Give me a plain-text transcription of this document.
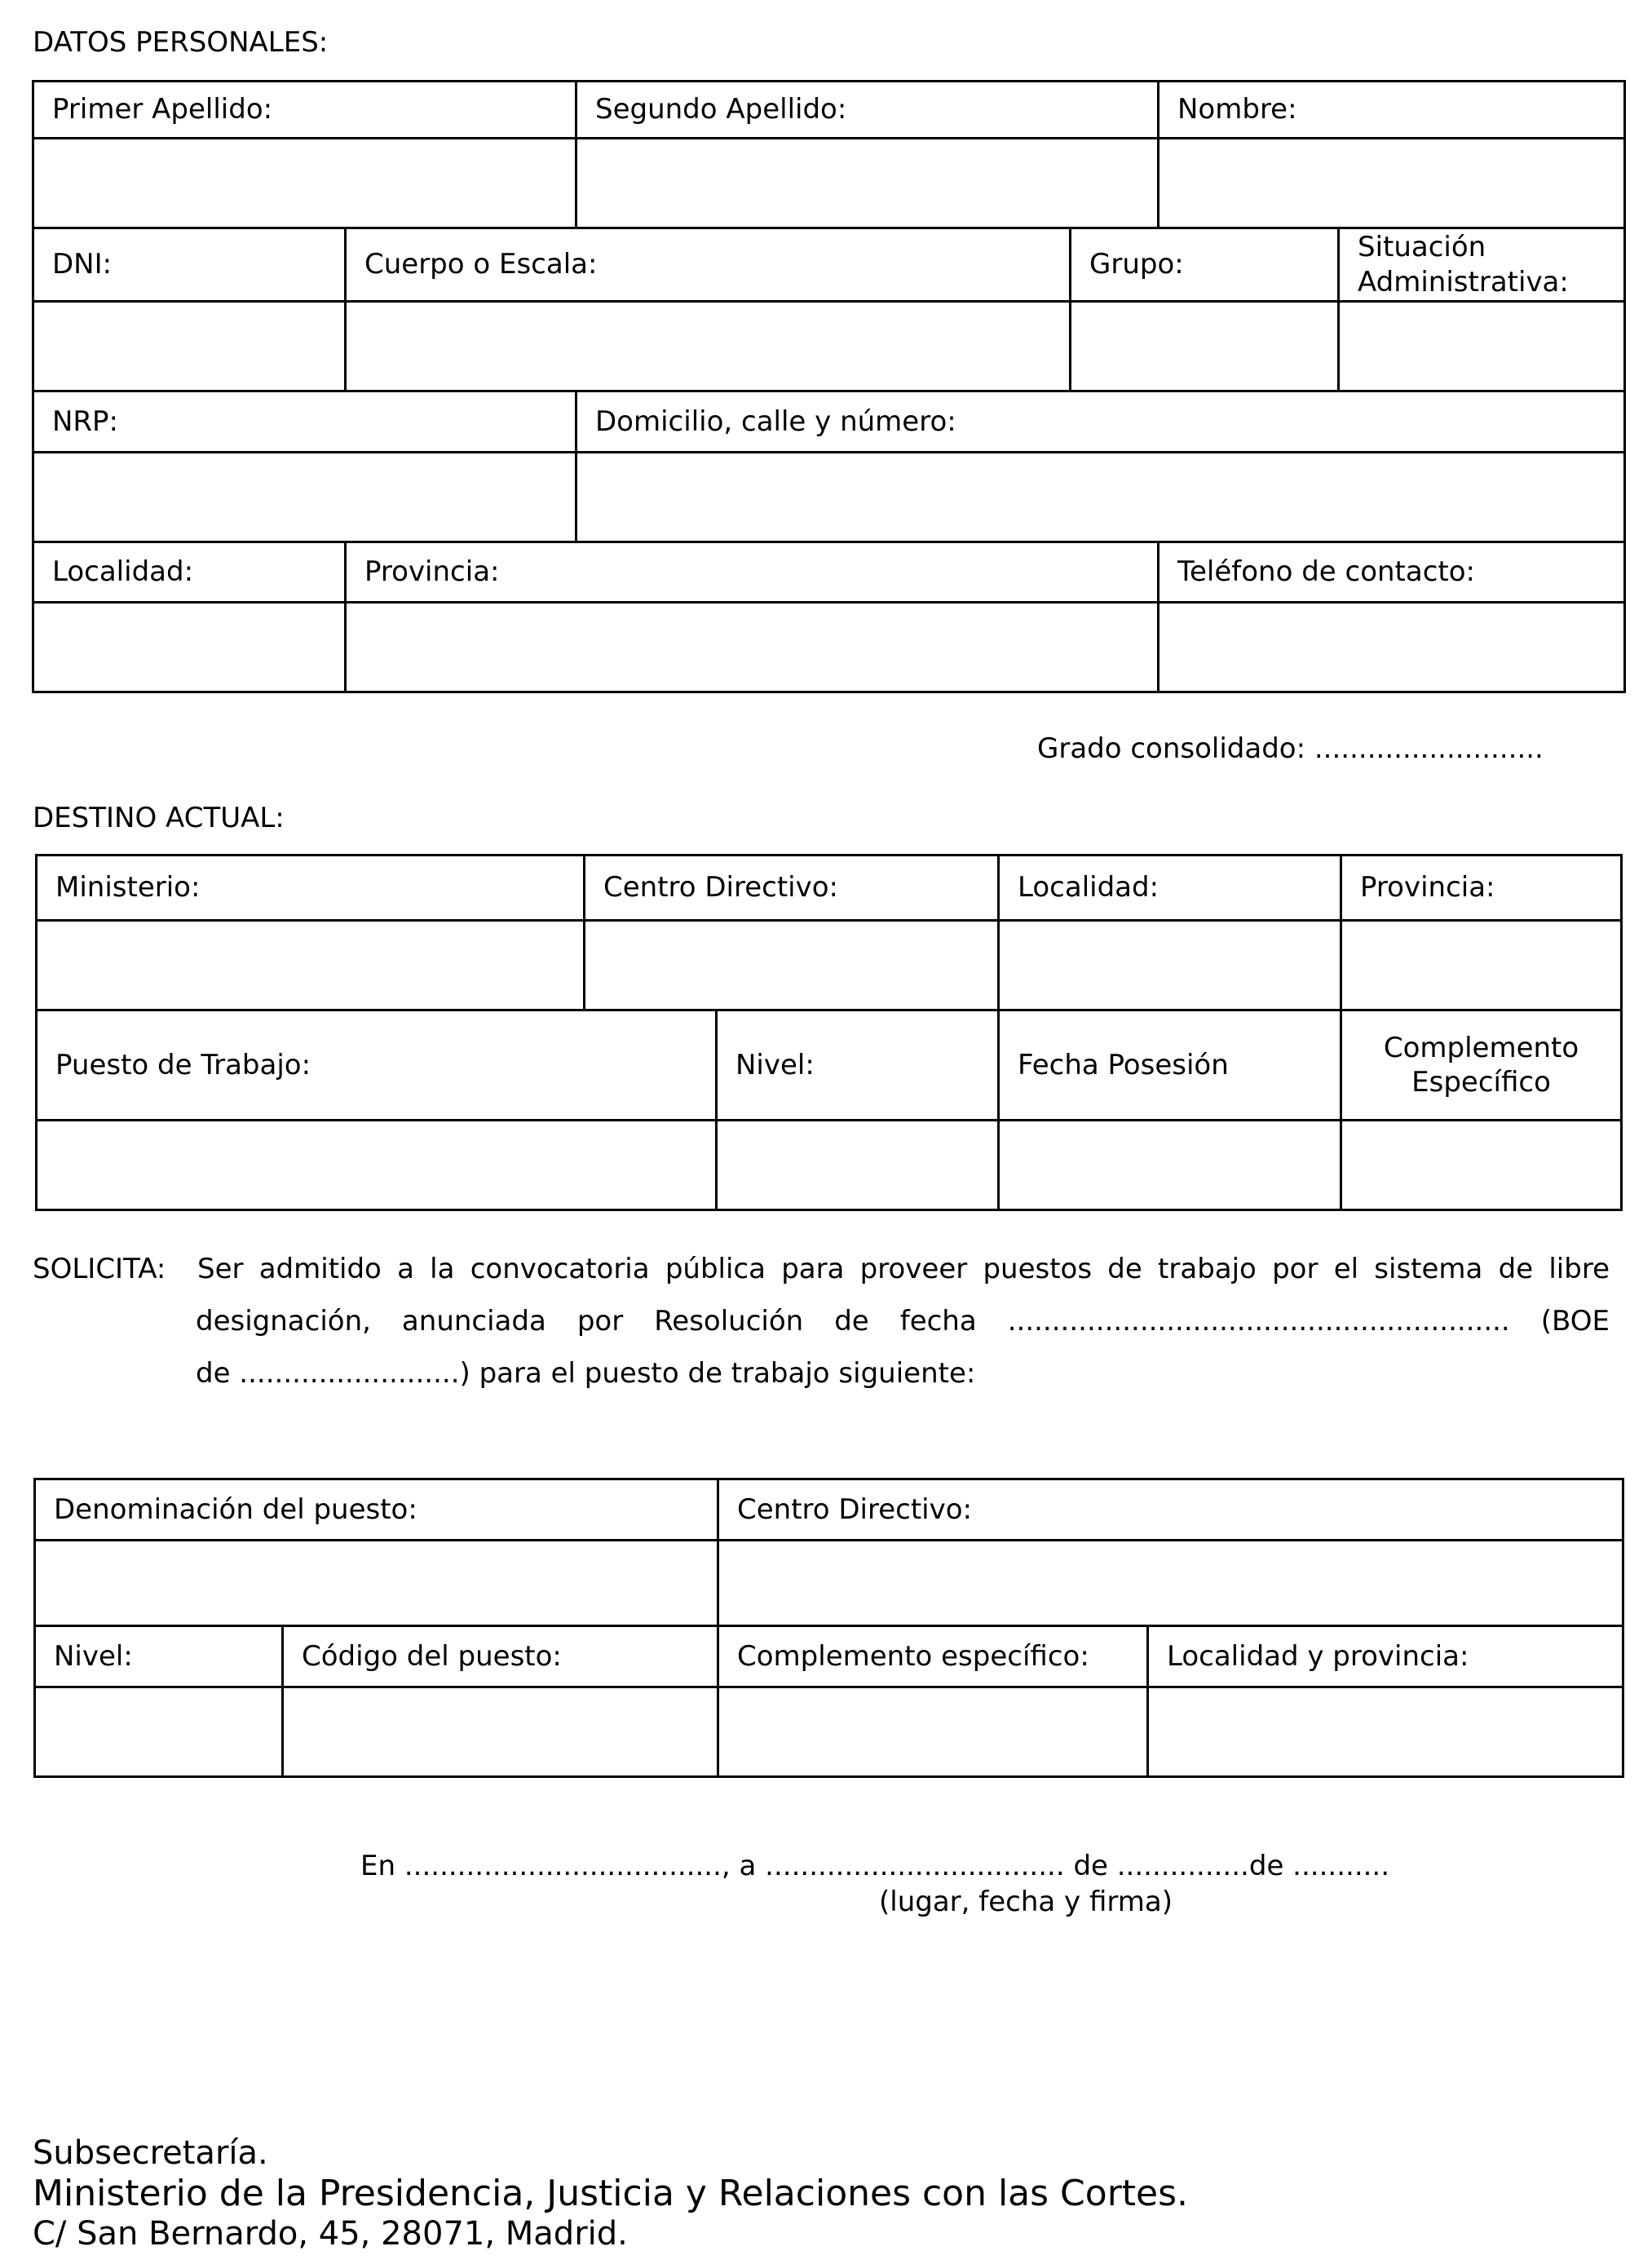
DATOS PERSONALES:
Primer Apellido:		Segundo Apellido:		Nombre:	

DNI:	Cuerpo o Escala:		Grupo:		Situación
Administrativa:

NRP:		Domicilio, calle y número:			

Localidad:	Provincia:			Teléfono de contacto:	

Grado consolidado: ..........................
DESTINO ACTUAL:
Ministerio:	Centro Directivo:		Localidad:	Provincia:

Puesto de Trabajo:		Nivel:	Fecha Posesión	Complemento
Específico

SOLICITA: Ser admitido a la convocatoria pública para proveer puestos de trabajo por el sistema de libre
designación, anunciada por Resolución de fecha ......................................................... (BOE
de .........................) para el puesto de trabajo siguiente:
Denominación del puesto:		Centro Directivo:	

Nivel:	Código del puesto:	Complemento específico:	Localidad y provincia:

En ...................................., a .................................. de ...............de ...........
(lugar, fecha y firma)
Subsecretaría.
Ministerio de la Presidencia, Justicia y Relaciones con las Cortes.
C/ San Bernardo, 45, 28071, Madrid.
